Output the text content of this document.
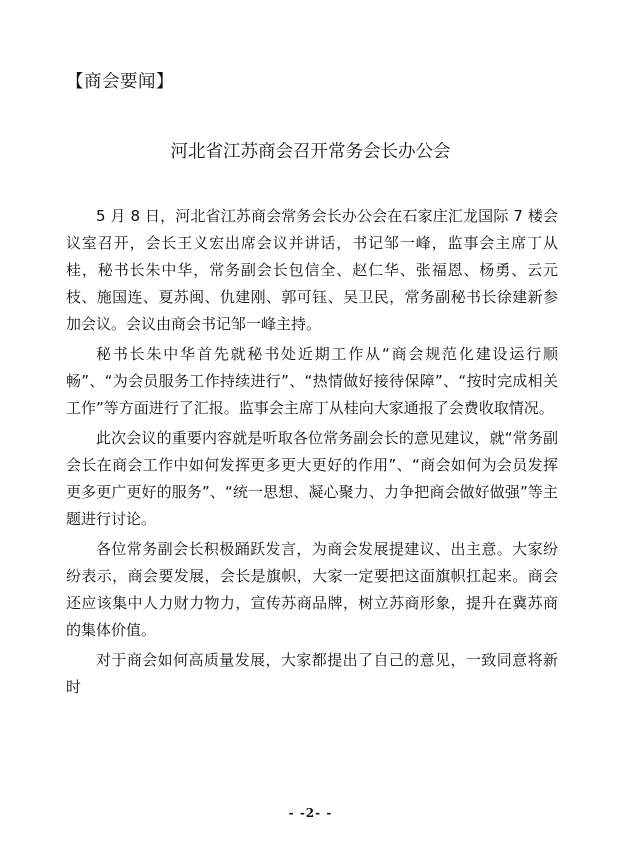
【商会要闻】
河北省江苏商会召开常务会长办公会

5 月 8 日，河北省江苏商会常务会长办公会在石家庄汇龙国际 7 楼会议室召开，会长王义宏出席会议并讲话，书记邹一峰，监事会主席丁从桂，秘书长朱中华，常务副会长包信全、赵仁华、张福恩、杨勇、云元枝、施国连、夏苏闽、仇建刚、郭可钰、吴卫民，常务副秘书长徐建新参加会议。会议由商会书记邹一峰主持。

秘书长朱中华首先就秘书处近期工作从“商会规范化建设运行顺畅”、“为会员服务工作持续进行”、“热情做好接待保障”、“按时完成相关工作”等方面进行了汇报。监事会主席丁从桂向大家通报了会费收取情况。

此次会议的重要内容就是听取各位常务副会长的意见建议，就“常务副会长在商会工作中如何发挥更多更大更好的作用”、“商会如何为会员发挥更多更广更好的服务”、“统一思想、凝心聚力、力争把商会做好做强”等主题进行讨论。

各位常务副会长积极踊跃发言，为商会发展提建议、出主意。大家纷纷表示，商会要发展，会长是旗帜，大家一定要把这面旗帜扛起来。商会还应该集中人力财力物力，宣传苏商品牌，树立苏商形象，提升在冀苏商的集体价值。

对于商会如何高质量发展，大家都提出了自己的意见，一致同意将新时

- -2- -
